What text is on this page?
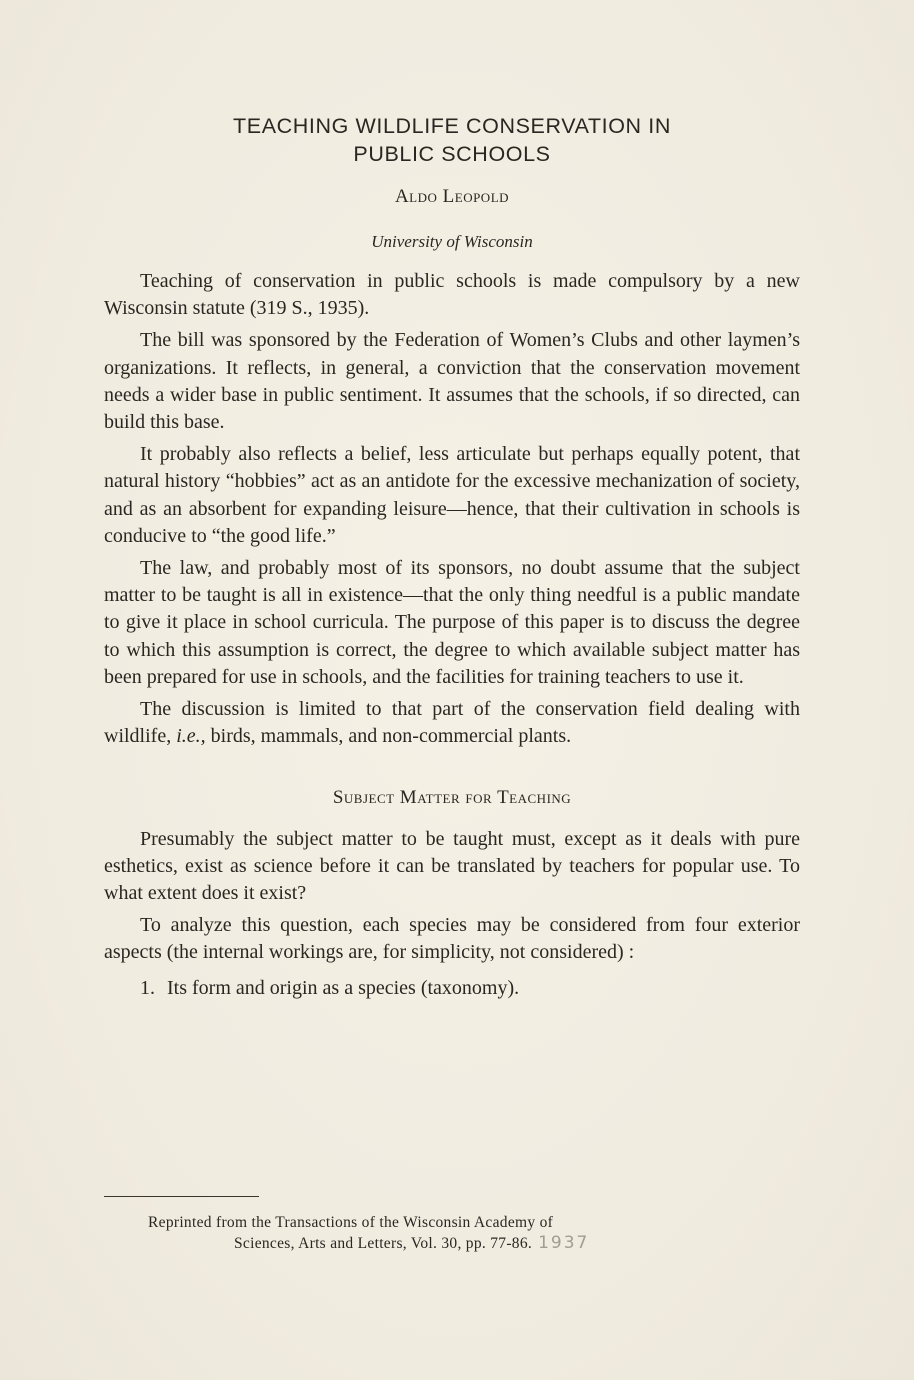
TEACHING WILDLIFE CONSERVATION IN
PUBLIC SCHOOLS
Aldo Leopold
University of Wisconsin

Teaching of conservation in public schools is made compulsory by a new Wisconsin statute (319 S., 1935).

The bill was sponsored by the Federation of Women’s Clubs and other laymen’s organizations. It reflects, in general, a conviction that the conservation movement needs a wider base in public sentiment. It assumes that the schools, if so directed, can build this base.

It probably also reflects a belief, less articulate but perhaps equally potent, that natural history “hobbies” act as an antidote for the excessive mechanization of society, and as an absorbent for expanding leisure—hence, that their cultivation in schools is conducive to “the good life.”

The law, and probably most of its sponsors, no doubt assume that the subject matter to be taught is all in existence—that the only thing needful is a public mandate to give it place in school curricula. The purpose of this paper is to discuss the degree to which this assumption is correct, the degree to which available subject matter has been prepared for use in schools, and the facilities for training teachers to use it.

The discussion is limited to that part of the conservation field dealing with wildlife, i.e., birds, mammals, and non-commercial plants.

Subject Matter for Teaching

Presumably the subject matter to be taught must, except as it deals with pure esthetics, exist as science before it can be translated by teachers for popular use. To what extent does it exist?

To analyze this question, each species may be considered from four exterior aspects (the internal workings are, for simplicity, not considered) :

1. Its form and origin as a species (taxonomy).
Reprinted from the Transactions of the Wisconsin Academy of
Sciences, Arts and Letters, Vol. 30, pp. 77-86. 1937
